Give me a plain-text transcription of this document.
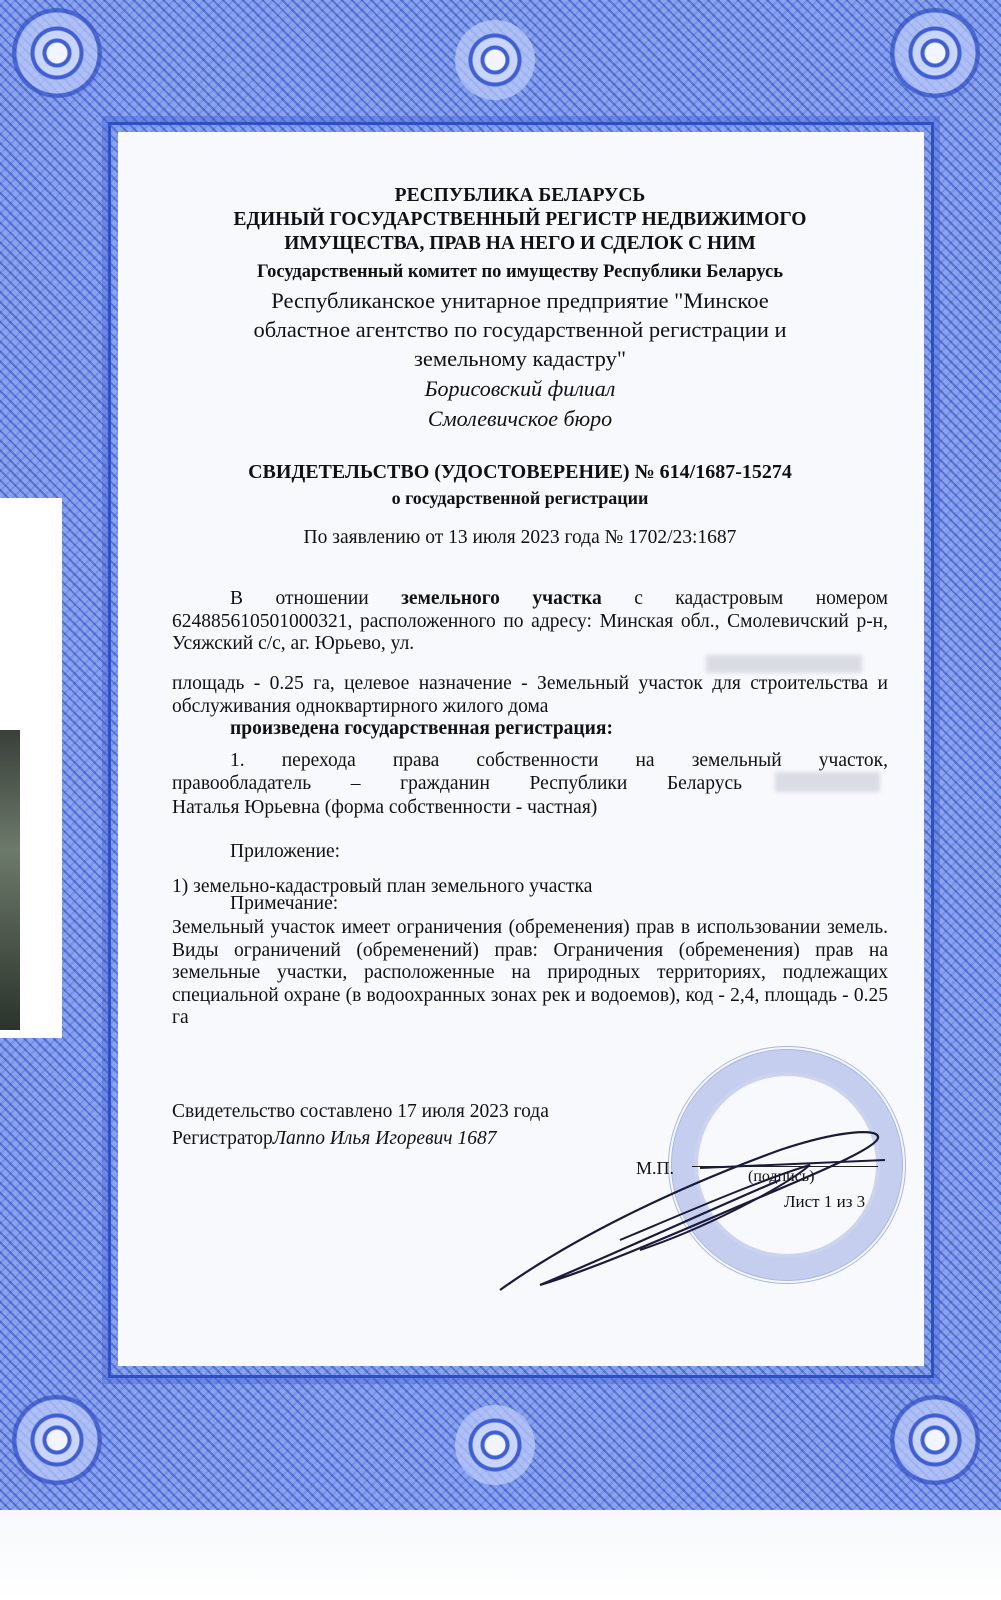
РЕСПУБЛИКА БЕЛАРУСЬ
ЕДИНЫЙ ГОСУДАРСТВЕННЫЙ РЕГИСТР НЕДВИЖИМОГО
ИМУЩЕСТВА, ПРАВ НА НЕГО И СДЕЛОК С НИМ
Государственный комитет по имуществу Республики Беларусь
Республиканское унитарное предприятие "Минское
областное агентство по государственной регистрации и
земельному кадастру"
Борисовский филиал
Смолевичское бюро
СВИДЕТЕЛЬСТВО (УДОСТОВЕРЕНИЕ) № 614/1687-15274
о государственной регистрации
По заявлению от 13 июля 2023 года № 1702/23:1687
В отношении земельного участка с кадастровым номером 624885610501000321, расположенного по адресу: Минская обл., Смолевичский р-н, Усяжский с/с, аг. Юрьево, ул.
площадь - 0.25 га, целевое назначение - Земельный участок для строительства и обслуживания одноквартирного жилого дома
произведена государственная регистрация:
1. перехода права собственности на земельный участок,
правообладатель – гражданин Республики Беларусь
Наталья Юрьевна (форма собственности - частная)
Приложение:
1) земельно-кадастровый план земельного участка
Примечание:
Земельный участок имеет ограничения (обременения) прав в использовании земель. Виды ограничений (обременений) прав: Ограничения (обременения) прав на земельные участки, расположенные на природных территориях, подлежащих специальной охране (в водоохранных зонах рек и водоемов), код - 2,4, площадь - 0.25 га
Свидетельство составлено 17 июля 2023 года
РегистраторЛаппо Илья Игоревич 1687
М.П.	(подпись)
Лист 1 из 3
